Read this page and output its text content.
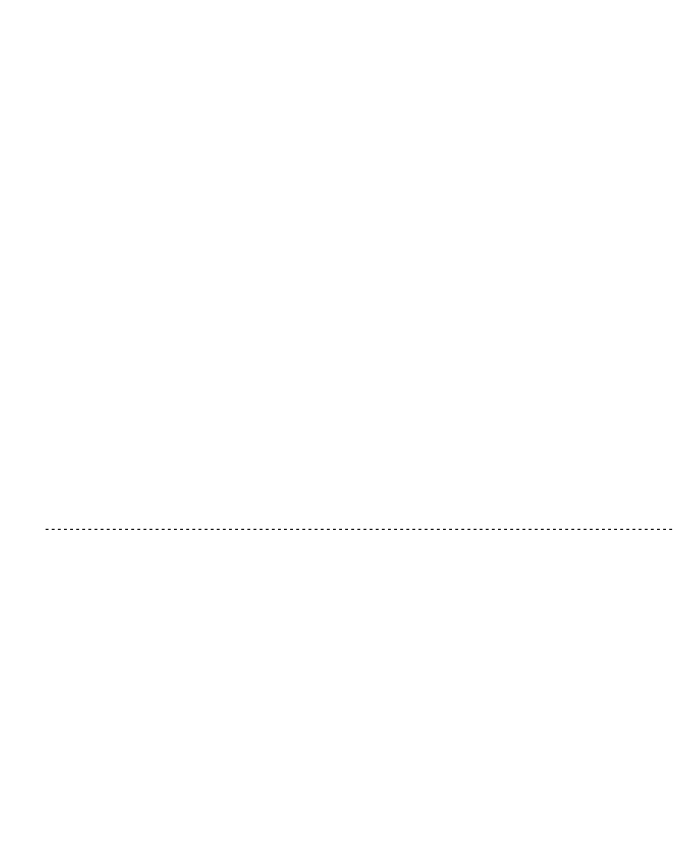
-------------------------------------------------------------------------------------------------------
